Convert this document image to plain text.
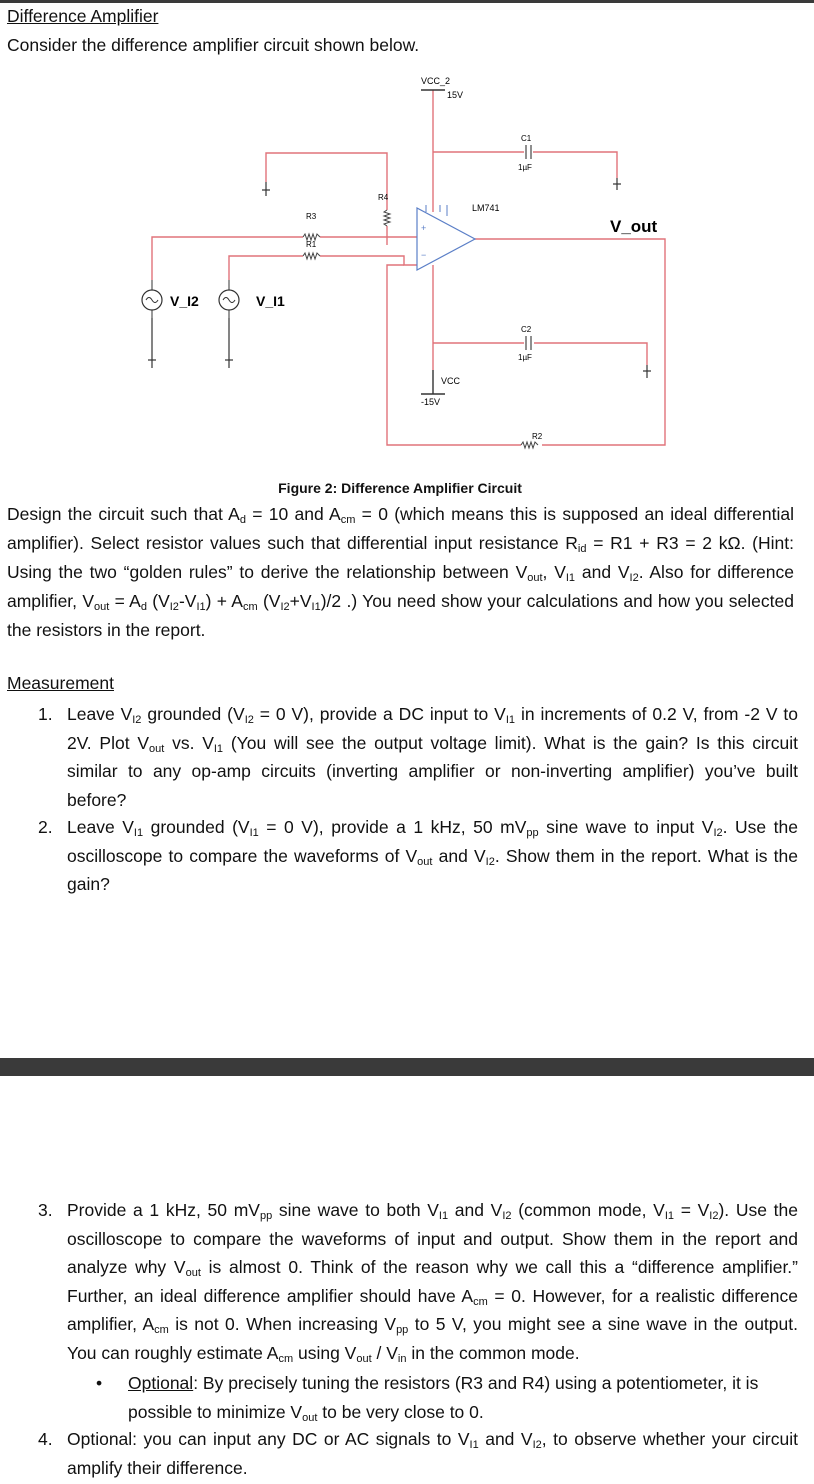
Difference Amplifier
Consider the difference amplifier circuit shown below.
+
−
VCC_2
15V
C1
1µF
LM741
R4
R3
R1
V_out
V_I2	V_I1
C2
1µF
VCC
-15V
R2
Figure 2: Difference Amplifier Circuit
Design the circuit such that $A_d = 10$ and $A_{cm} = 0$ (which means this is supposed an ideal differential amplifier). Select resistor values such that differential input resistance $R_{id} = R1 + R3 = 2$ kΩ. (Hint: Using the two “golden rules” to derive the relationship between $V_{out}$, $V_{I1}$ and $V_{I2}$. Also for difference amplifier, $V_{out} = A_d$ $(V_{I2}-V_{I1}) + A_{cm}$ $(V_{I2}+V_{I1})/2$ .) You need show your calculations and how you selected the resistors in the report.
Measurement
1. Leave $V_{I2}$ grounded ($V_{I2} = 0$ V), provide a DC input to $V_{I1}$ in increments of 0.2 V, from -2 V to 2V. Plot $V_{out}$ vs. $V_{I1}$ (You will see the output voltage limit). What is the gain? Is this circuit similar to any op-amp circuits (inverting amplifier or non-inverting amplifier) you’ve built before?
2. Leave $V_{I1}$ grounded ($V_{I1} = 0$ V), provide a 1 kHz, 50 $mV_{pp}$ sine wave to input $V_{I2}$. Use the oscilloscope to compare the waveforms of $V_{out}$ and $V_{I2}$. Show them in the report. What is the gain?
3. Provide a 1 kHz, 50 $mV_{pp}$ sine wave to both $V_{I1}$ and $V_{I2}$ (common mode, $V_{I1} = V_{I2}$). Use the oscilloscope to compare the waveforms of input and output. Show them in the report and analyze why $V_{out}$ is almost 0. Think of the reason why we call this a “difference amplifier.” Further, an ideal difference amplifier should have $A_{cm} = 0$. However, for a realistic difference amplifier, $A_{cm}$ is not 0. When increasing $V_{pp}$ to 5 V, you might see a sine wave in the output. You can roughly estimate $A_{cm}$ using $V_{out} / V_{in}$ in the common mode.
• Optional: By precisely tuning the resistors (R3 and R4) using a potentiometer, it is possible to minimize $V_{out}$ to be very close to 0.
4. Optional: you can input any DC or AC signals to $V_{I1}$ and $V_{I2}$, to observe whether your circuit amplify their difference.
